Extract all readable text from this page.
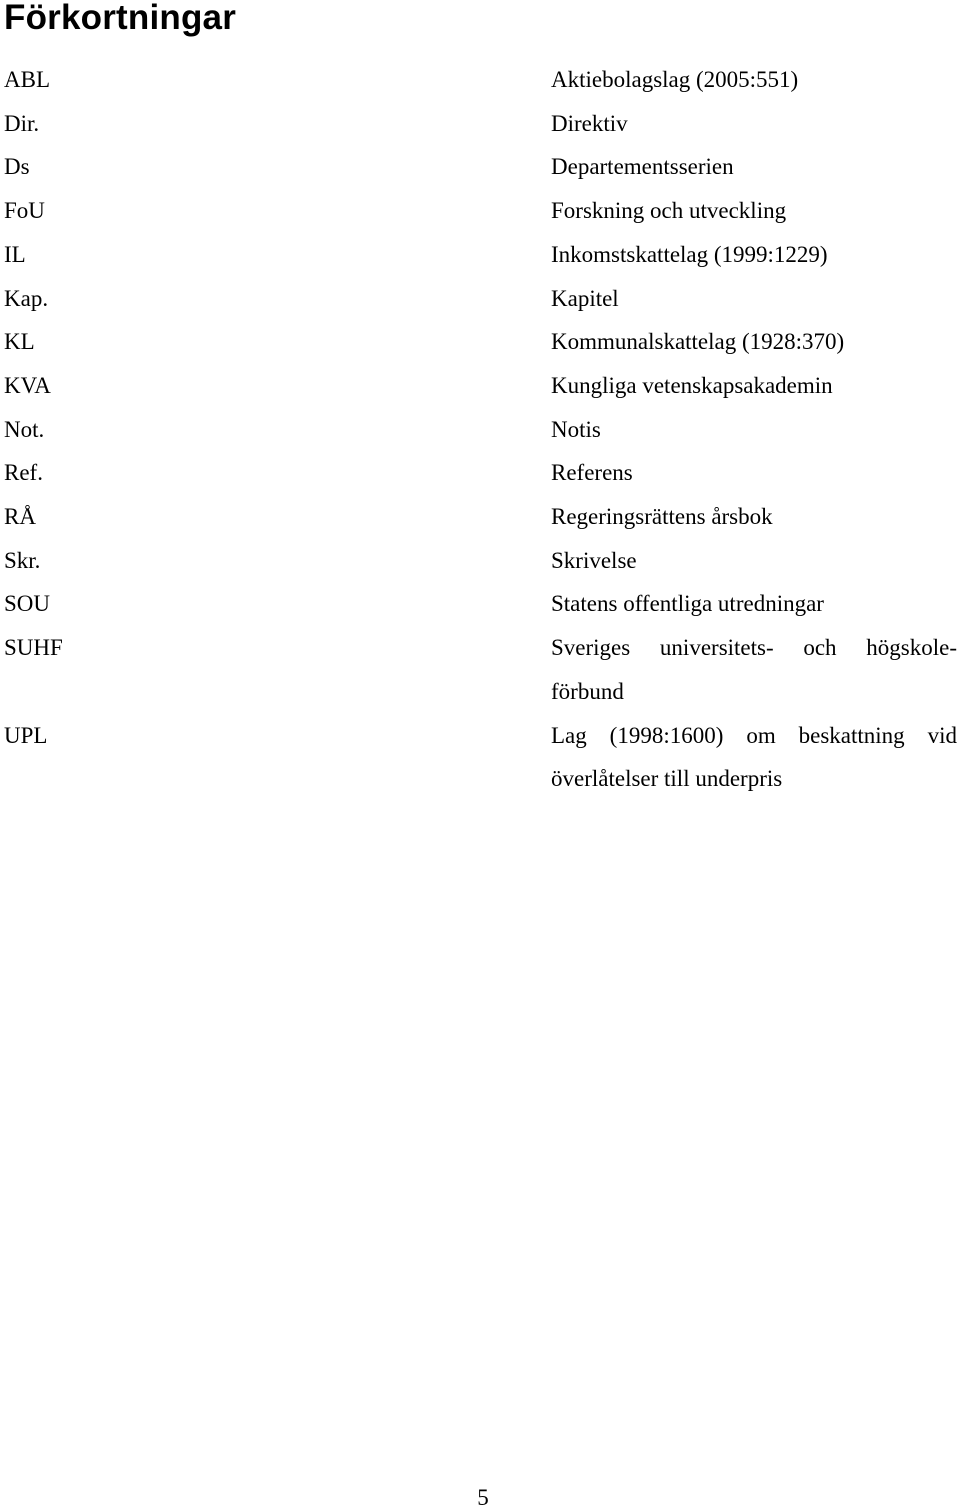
Förkortningar
ABL	Aktiebolagslag (2005:551)
Dir.	Direktiv
Ds	Departementsserien
FoU	Forskning och utveckling
IL	Inkomstskattelag (1999:1229)
Kap.	Kapitel
KL	Kommunalskattelag (1928:370)
KVA	Kungliga vetenskapsakademin
Not.	Notis
Ref.	Referens
RÅ	Regeringsrättens årsbok
Skr.	Skrivelse
SOU	Statens offentliga utredningar
SUHF	Sveriges universitets- och högskole-förbund
UPL	Lag (1998:1600) om beskattning vid överlåtelser till underpris
5
